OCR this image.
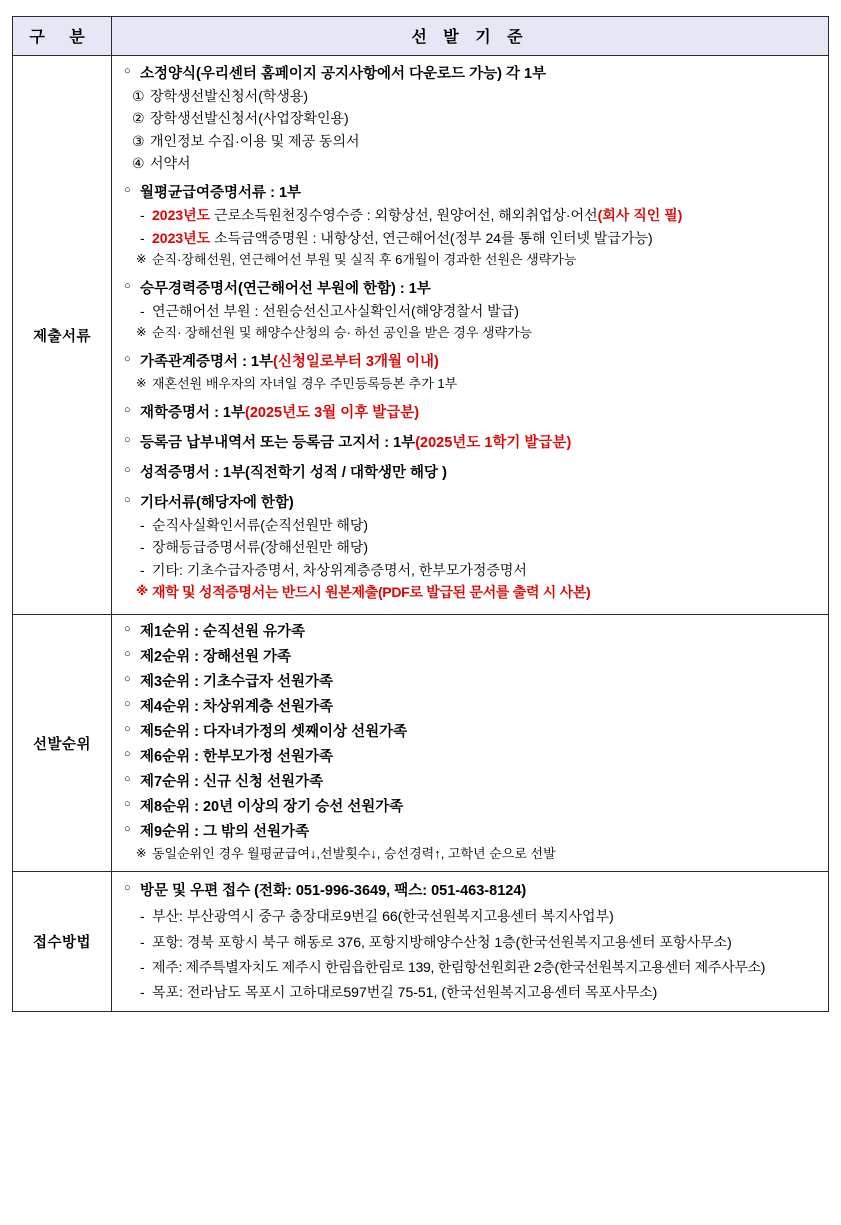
구 분	선 발 기 준
제출서류	
○ 소정양식(우리센터 홈페이지 공지사항에서 다운로드 가능) 각 1부
① 장학생선발신청서(학생용)
② 장학생선발신청서(사업장확인용)
③ 개인정보 수집·이용 및 제공 동의서
④ 서약서
○ 월평균급여증명서류 : 1부
- 2023년도 근로소득원천징수영수증 : 외항상선, 원양어선, 해외취업상·어선(회사 직인 필)
- 2023년도 소득금액증명원 : 내항상선, 연근해어선(정부 24를 통해 인터넷 발급가능)
※ 순직·장해선원, 연근해어선 부원 및 실직 후 6개월이 경과한 선원은 생략가능
○ 승무경력증명서(연근해어선 부원에 한함) : 1부
- 연근해어선 부원 : 선원승선신고사실확인서(해양경찰서 발급)
※ 순직· 장해선원 및 해양수산청의 승· 하선 공인을 받은 경우 생략가능
○ 가족관계증명서 : 1부(신청일로부터 3개월 이내)
※ 재혼선원 배우자의 자녀일 경우 주민등록등본 추가 1부
○ 재학증명서 : 1부(2025년도 3월 이후 발급분)
○ 등록금 납부내역서 또는 등록금 고지서 : 1부(2025년도 1학기 발급분)
○ 성적증명서 : 1부(직전학기 성적 / 대학생만 해당 )
○ 기타서류(해당자에 한함)
- 순직사실확인서류(순직선원만 해당)
- 장해등급증명서류(장해선원만 해당)
- 기타: 기초수급자증명서, 차상위계층증명서, 한부모가정증명서
※ 재학 및 성적증명서는 반드시 원본제출(PDF로 발급된 문서를 출력 시 사본)

선발순위	
○ 제1순위 : 순직선원 유가족
○ 제2순위 : 장해선원 가족
○ 제3순위 : 기초수급자 선원가족
○ 제4순위 : 차상위계층 선원가족
○ 제5순위 : 다자녀가정의 셋째이상 선원가족
○ 제6순위 : 한부모가정 선원가족
○ 제7순위 : 신규 신청 선원가족
○ 제8순위 : 20년 이상의 장기 승선 선원가족
○ 제9순위 : 그 밖의 선원가족
※ 동일순위인 경우 월평균급여↓,선발횟수↓, 승선경력↑, 고학년 순으로 선발

접수방법	○ 방문 및 우편 접수 (전화: 051-996-3649, 팩스: 051-463-8124)
- 부산: 부산광역시 중구 충장대로9번길 66(한국선원복지고용센터 복지사업부)
- 포항: 경북 포항시 북구 해동로 376, 포항지방해양수산청 1층(한국선원복지고용센터 포항사무소)
- 제주: 제주특별자치도 제주시 한림읍한림로 139, 한림항선원회관 2층(한국선원복지고용센터 제주사무소)
- 목포: 전라남도 목포시 고하대로597번길 75-51, (한국선원복지고용센터 목포사무소)
